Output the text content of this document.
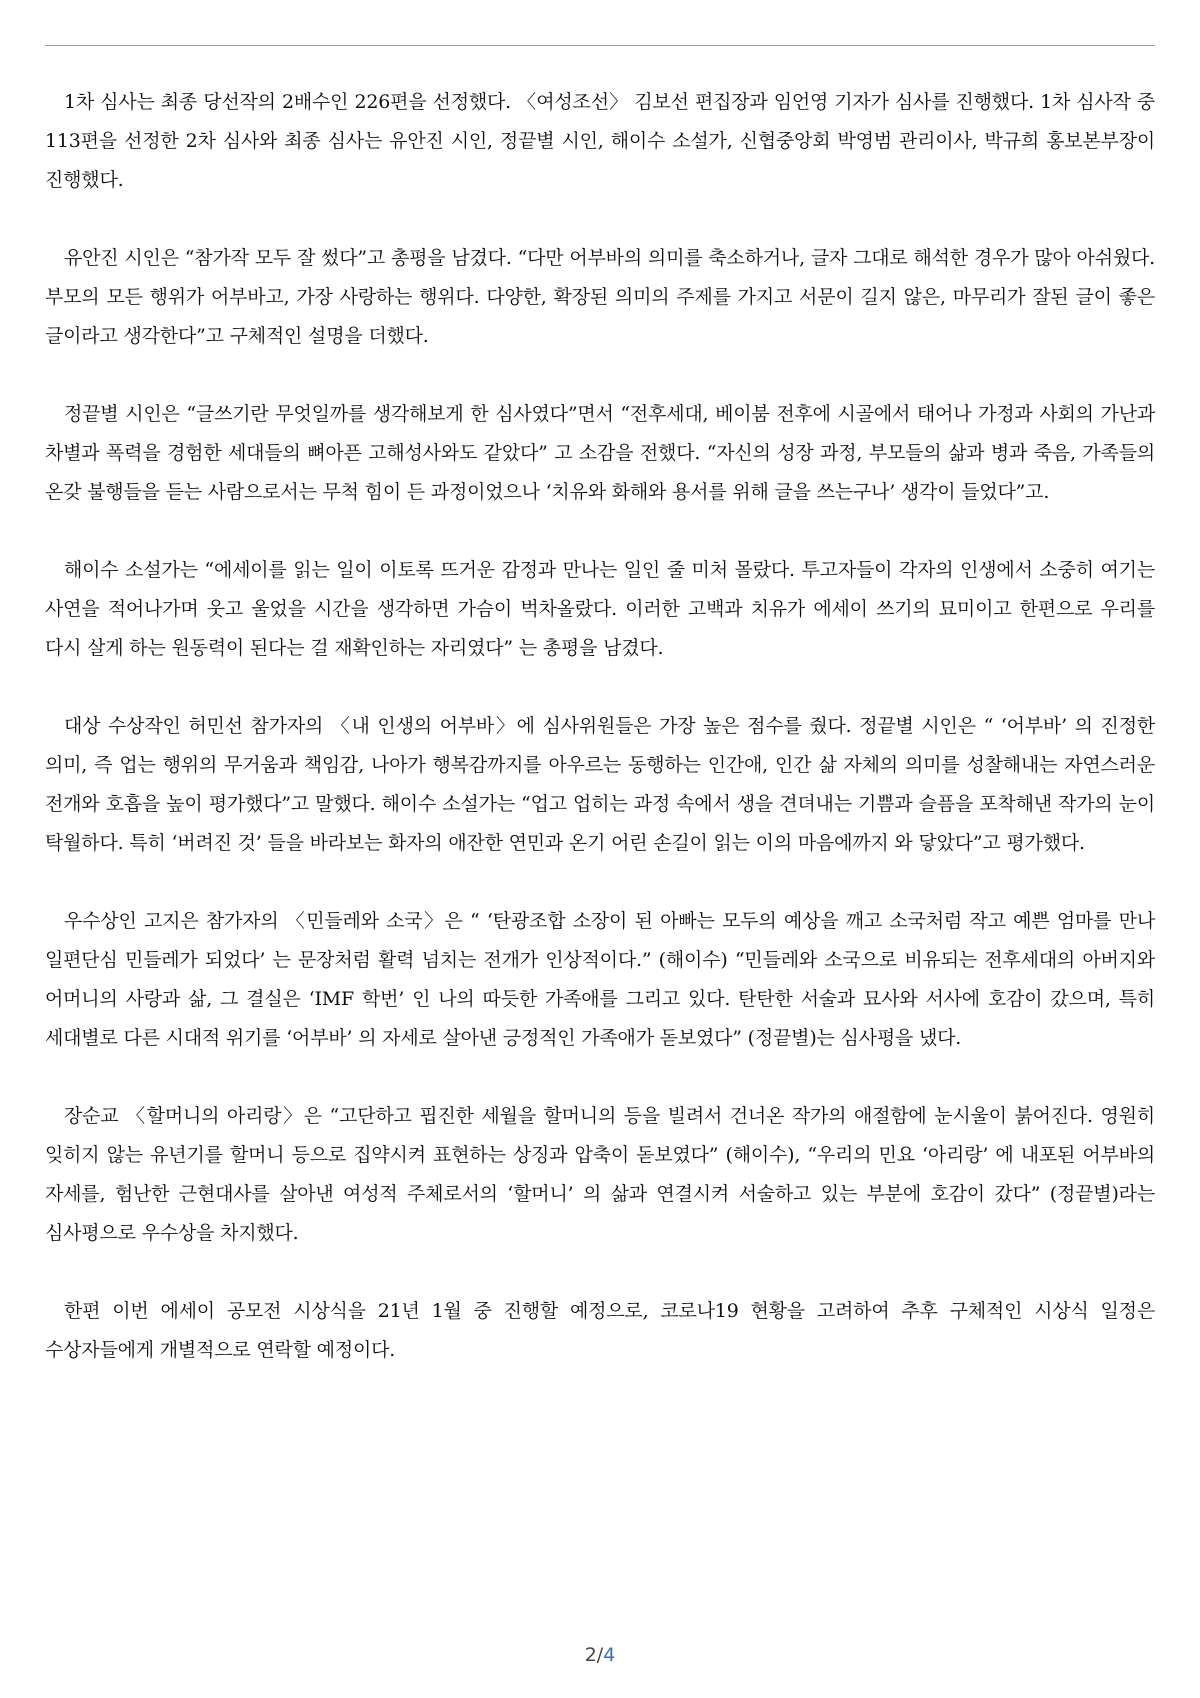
1차 심사는 최종 당선작의 2배수인 226편을 선정했다. 〈여성조선〉 김보선 편집장과 임언영 기자가 심사를 진행했다. 1차 심사작 중 113편을 선정한 2차 심사와 최종 심사는 유안진 시인, 정끝별 시인, 해이수 소설가, 신협중앙회 박영범 관리이사, 박규희 홍보본부장이 진행했다.

유안진 시인은 “참가작 모두 잘 썼다”고 총평을 남겼다. “다만 어부바의 의미를 축소하거나, 글자 그대로 해석한 경우가 많아 아쉬웠다. 부모의 모든 행위가 어부바고, 가장 사랑하는 행위다. 다양한, 확장된 의미의 주제를 가지고 서문이 길지 않은, 마무리가 잘된 글이 좋은 글이라고 생각한다”고 구체적인 설명을 더했다.

정끝별 시인은 “글쓰기란 무엇일까를 생각해보게 한 심사였다”면서 “전후세대, 베이붐 전후에 시골에서 태어나 가정과 사회의 가난과 차별과 폭력을 경험한 세대들의 뼈아픈 고해성사와도 같았다” 고 소감을 전했다. “자신의 성장 과정, 부모들의 삶과 병과 죽음, 가족들의 온갖 불행들을 듣는 사람으로서는 무척 힘이 든 과정이었으나 ‘치유와 화해와 용서를 위해 글을 쓰는구나’ 생각이 들었다”고.

해이수 소설가는 “에세이를 읽는 일이 이토록 뜨거운 감정과 만나는 일인 줄 미처 몰랐다. 투고자들이 각자의 인생에서 소중히 여기는 사연을 적어나가며 웃고 울었을 시간을 생각하면 가슴이 벅차올랐다. 이러한 고백과 치유가 에세이 쓰기의 묘미이고 한편으로 우리를 다시 살게 하는 원동력이 된다는 걸 재확인하는 자리였다” 는 총평을 남겼다.

대상 수상작인 허민선 참가자의 〈내 인생의 어부바〉에 심사위원들은 가장 높은 점수를 줬다. 정끝별 시인은 “ ‘어부바’ 의 진정한 의미, 즉 업는 행위의 무거움과 책임감, 나아가 행복감까지를 아우르는 동행하는 인간애, 인간 삶 자체의 의미를 성찰해내는 자연스러운 전개와 호흡을 높이 평가했다”고 말했다. 해이수 소설가는 “업고 업히는 과정 속에서 생을 견뎌내는 기쁨과 슬픔을 포착해낸 작가의 눈이 탁월하다. 특히 ‘버려진 것’ 들을 바라보는 화자의 애잔한 연민과 온기 어린 손길이 읽는 이의 마음에까지 와 닿았다”고 평가했다.

우수상인 고지은 참가자의 〈민들레와 소국〉은 “ ‘탄광조합 소장이 된 아빠는 모두의 예상을 깨고 소국처럼 작고 예쁜 엄마를 만나 일편단심 민들레가 되었다’ 는 문장처럼 활력 넘치는 전개가 인상적이다.” (해이수) “민들레와 소국으로 비유되는 전후세대의 아버지와 어머니의 사랑과 삶, 그 결실은 ‘IMF 학번’ 인 나의 따듯한 가족애를 그리고 있다. 탄탄한 서술과 묘사와 서사에 호감이 갔으며, 특히 세대별로 다른 시대적 위기를 ‘어부바’ 의 자세로 살아낸 긍정적인 가족애가 돋보였다” (정끝별)는 심사평을 냈다.

장순교 〈할머니의 아리랑〉은 “고단하고 핍진한 세월을 할머니의 등을 빌려서 건너온 작가의 애절함에 눈시울이 붉어진다. 영원히 잊히지 않는 유년기를 할머니 등으로 집약시켜 표현하는 상징과 압축이 돋보였다” (해이수), “우리의 민요 ‘아리랑’ 에 내포된 어부바의 자세를, 험난한 근현대사를 살아낸 여성적 주체로서의 ‘할머니’ 의 삶과 연결시켜 서술하고 있는 부분에 호감이 갔다” (정끝별)라는 심사평으로 우수상을 차지했다.

한편 이번 에세이 공모전 시상식을 21년 1월 중 진행할 예정으로, 코로나19 현황을 고려하여 추후 구체적인 시상식 일정은 수상자들에게 개별적으로 연락할 예정이다.

2/4
